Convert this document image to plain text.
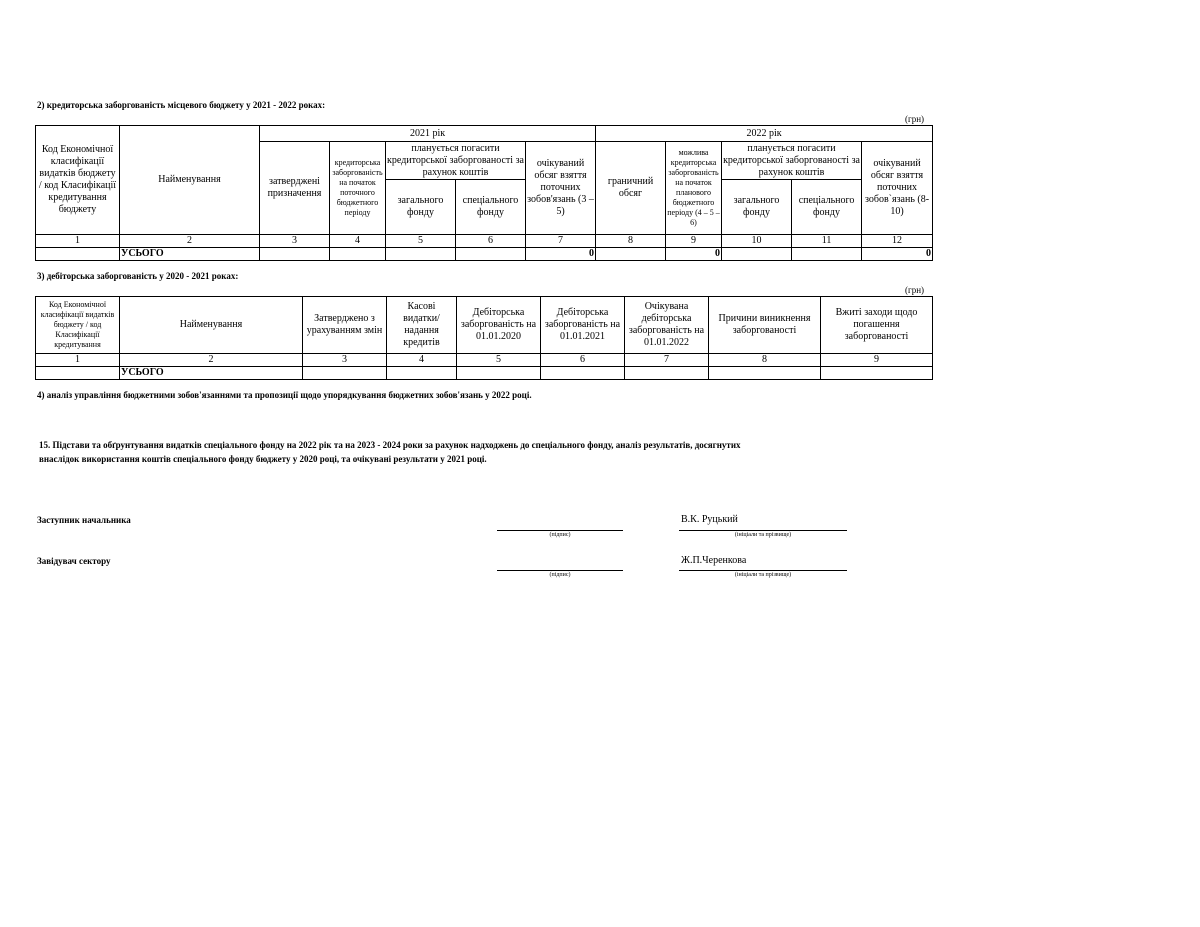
2) кредиторська заборгованість місцевого бюджету у 2021 - 2022 роках:
(грн)
Код Економічної класифікації видатків бюджету / код Класифікації кредитування бюджету	Найменування	2021 рік					2022 рік				
		затверджені призначення	кредиторська заборгованість на початок поточного бюджетного періоду	планується погасити кредиторської заборгованості за рахунок коштів		очікуваний обсяг взяття поточних зобов'язань (3 – 5)	граничний обсяг	можлива кредиторська заборгованість на початок планового бюджетного періоду (4 – 5 – 6)	планується погасити кредиторської заборгованості за рахунок коштів		очікуваний обсяг взяття поточних зобов`язань (8-10)
				загального фонду	спеціального фонду				загального фонду	спеціального фонду	
1	2	3	4	5	6	7	8	9	10	11	12
	УСЬОГО					0		0			0
3) дебіторська заборгованість у 2020 - 2021 роках:
(грн)
Код Економічної класифікації видатків бюджету / код Класифікації кредитування	Найменування	Затверджено з урахуванням змін	Касові видатки/ надання кредитів	Дебіторська заборгованість на 01.01.2020	Дебіторська заборгованість на 01.01.2021	Очікувана дебіторська заборгованість на 01.01.2022	Причини виникнення заборгованості	Вжиті заходи щодо погашення заборгованості
1	2	3	4	5	6	7	8	9
	УСЬОГО							
4) аналіз управління бюджетними зобов'язаннями та пропозиції щодо упорядкування бюджетних зобов'язань у 2022 році.
15. Підстави та обґрунтування видатків спеціального фонду на 2022 рік та на 2023 - 2024 роки за рахунок надходжень до спеціального фонду, аналіз результатів, досягнутих
внаслідок використання коштів спеціального фонду бюджету у 2020 році, та очікувані результати у 2021 році.
Заступник начальника
(підпис)
В.К. Руцький
(ініціали та прізвище)
Завідувач сектору
(підпис)
Ж.П.Черенкова
(ініціали та прізвище)
